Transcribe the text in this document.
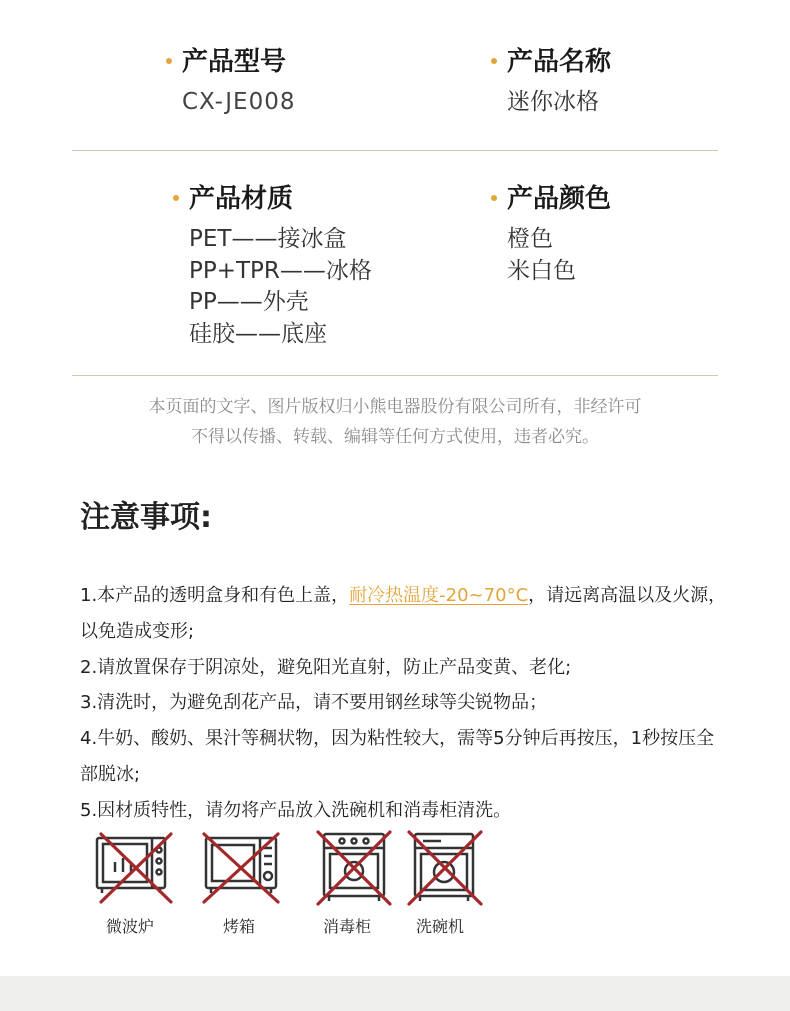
产品型号
CX-JE008
产品名称
迷你冰格
产品材质
PET——接冰盒
PP+TPR——冰格
PP——外壳
硅胶——底座
产品颜色
橙色
米白色
本页面的文字、图片版权归小熊电器股份有限公司所有，非经许可
不得以传播、转载、编辑等任何方式使用，违者必究。
注意事项:

1.本产品的透明盒身和有色上盖，耐冷热温度-20~70°C，请远离高温以及火源，以免造成变形;

2.请放置保存于阴凉处，避免阳光直射，防止产品变黄、老化;

3.清洗时，为避免刮花产品，请不要用钢丝球等尖锐物品；

4.牛奶、酸奶、果汁等稠状物，因为粘性较大，需等5分钟后再按压，1秒按压全部脱冰;

5.因材质特性，请勿将产品放入洗碗机和消毒柜清洗。

微波炉	烤箱	消毒柜	洗碗机
